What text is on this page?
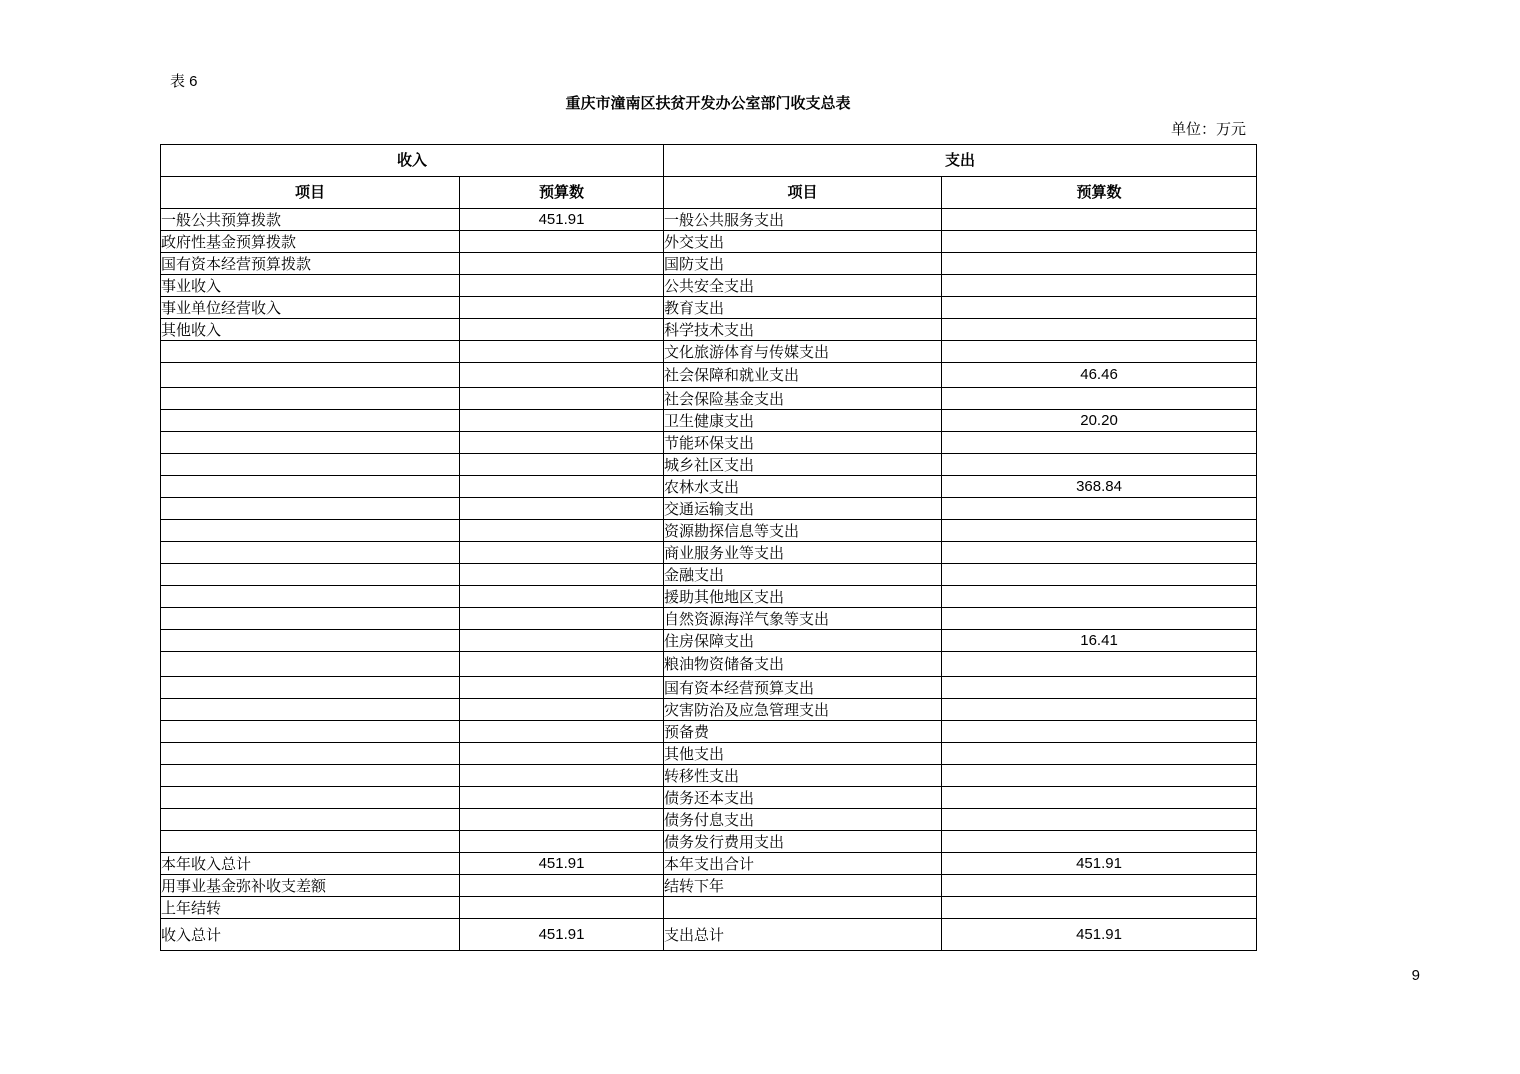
表 6
重庆市潼南区扶贫开发办公室部门收支总表
单位：万元
收入		支出	
项目	预算数	项目	预算数
一般公共预算拨款	451.91	一般公共服务支出	
政府性基金预算拨款		外交支出	
国有资本经营预算拨款		国防支出	
事业收入		公共安全支出	
事业单位经营收入		教育支出	
其他收入		科学技术支出	
		文化旅游体育与传媒支出	
		社会保障和就业支出	46.46
		社会保险基金支出	
		卫生健康支出	20.20
		节能环保支出	
		城乡社区支出	
		农林水支出	368.84
		交通运输支出	
		资源勘探信息等支出	
		商业服务业等支出	
		金融支出	
		援助其他地区支出	
		自然资源海洋气象等支出	
		住房保障支出	16.41
		粮油物资储备支出	
		国有资本经营预算支出	
		灾害防治及应急管理支出	
		预备费	
		其他支出	
		转移性支出	
		债务还本支出	
		债务付息支出	
		债务发行费用支出	
本年收入总计	451.91	本年支出合计	451.91
用事业基金弥补收支差额		结转下年	
上年结转			
收入总计	451.91	支出总计	451.91
9
